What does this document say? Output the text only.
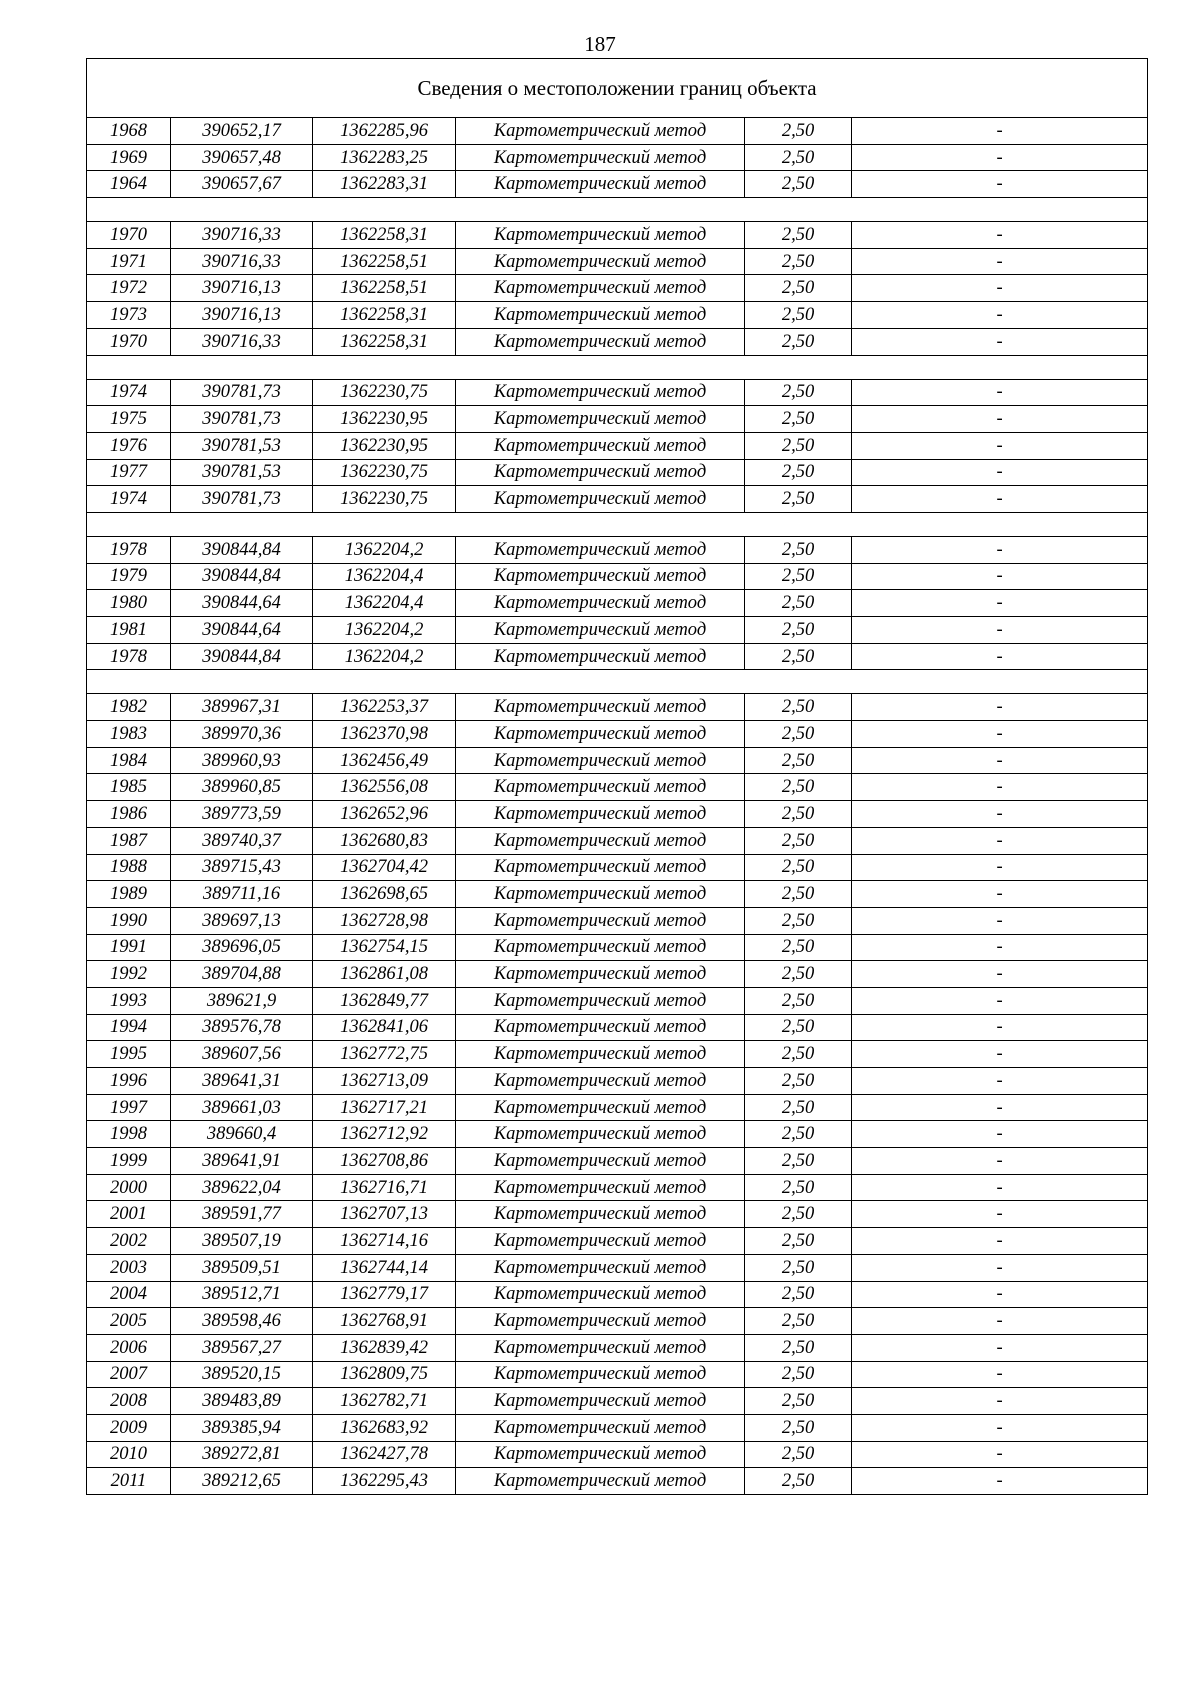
187
Сведения о местоположении границ объекта					
1968	390652,17	1362285,96	Картометрический метод	2,50	-
1969	390657,48	1362283,25	Картометрический метод	2,50	-
1964	390657,67	1362283,31	Картометрический метод	2,50	-

1970	390716,33	1362258,31	Картометрический метод	2,50	-
1971	390716,33	1362258,51	Картометрический метод	2,50	-
1972	390716,13	1362258,51	Картометрический метод	2,50	-
1973	390716,13	1362258,31	Картометрический метод	2,50	-
1970	390716,33	1362258,31	Картометрический метод	2,50	-

1974	390781,73	1362230,75	Картометрический метод	2,50	-
1975	390781,73	1362230,95	Картометрический метод	2,50	-
1976	390781,53	1362230,95	Картометрический метод	2,50	-
1977	390781,53	1362230,75	Картометрический метод	2,50	-
1974	390781,73	1362230,75	Картометрический метод	2,50	-

1978	390844,84	1362204,2	Картометрический метод	2,50	-
1979	390844,84	1362204,4	Картометрический метод	2,50	-
1980	390844,64	1362204,4	Картометрический метод	2,50	-
1981	390844,64	1362204,2	Картометрический метод	2,50	-
1978	390844,84	1362204,2	Картометрический метод	2,50	-

1982	389967,31	1362253,37	Картометрический метод	2,50	-
1983	389970,36	1362370,98	Картометрический метод	2,50	-
1984	389960,93	1362456,49	Картометрический метод	2,50	-
1985	389960,85	1362556,08	Картометрический метод	2,50	-
1986	389773,59	1362652,96	Картометрический метод	2,50	-
1987	389740,37	1362680,83	Картометрический метод	2,50	-
1988	389715,43	1362704,42	Картометрический метод	2,50	-
1989	389711,16	1362698,65	Картометрический метод	2,50	-
1990	389697,13	1362728,98	Картометрический метод	2,50	-
1991	389696,05	1362754,15	Картометрический метод	2,50	-
1992	389704,88	1362861,08	Картометрический метод	2,50	-
1993	389621,9	1362849,77	Картометрический метод	2,50	-
1994	389576,78	1362841,06	Картометрический метод	2,50	-
1995	389607,56	1362772,75	Картометрический метод	2,50	-
1996	389641,31	1362713,09	Картометрический метод	2,50	-
1997	389661,03	1362717,21	Картометрический метод	2,50	-
1998	389660,4	1362712,92	Картометрический метод	2,50	-
1999	389641,91	1362708,86	Картометрический метод	2,50	-
2000	389622,04	1362716,71	Картометрический метод	2,50	-
2001	389591,77	1362707,13	Картометрический метод	2,50	-
2002	389507,19	1362714,16	Картометрический метод	2,50	-
2003	389509,51	1362744,14	Картометрический метод	2,50	-
2004	389512,71	1362779,17	Картометрический метод	2,50	-
2005	389598,46	1362768,91	Картометрический метод	2,50	-
2006	389567,27	1362839,42	Картометрический метод	2,50	-
2007	389520,15	1362809,75	Картометрический метод	2,50	-
2008	389483,89	1362782,71	Картометрический метод	2,50	-
2009	389385,94	1362683,92	Картометрический метод	2,50	-
2010	389272,81	1362427,78	Картометрический метод	2,50	-
2011	389212,65	1362295,43	Картометрический метод	2,50	-
